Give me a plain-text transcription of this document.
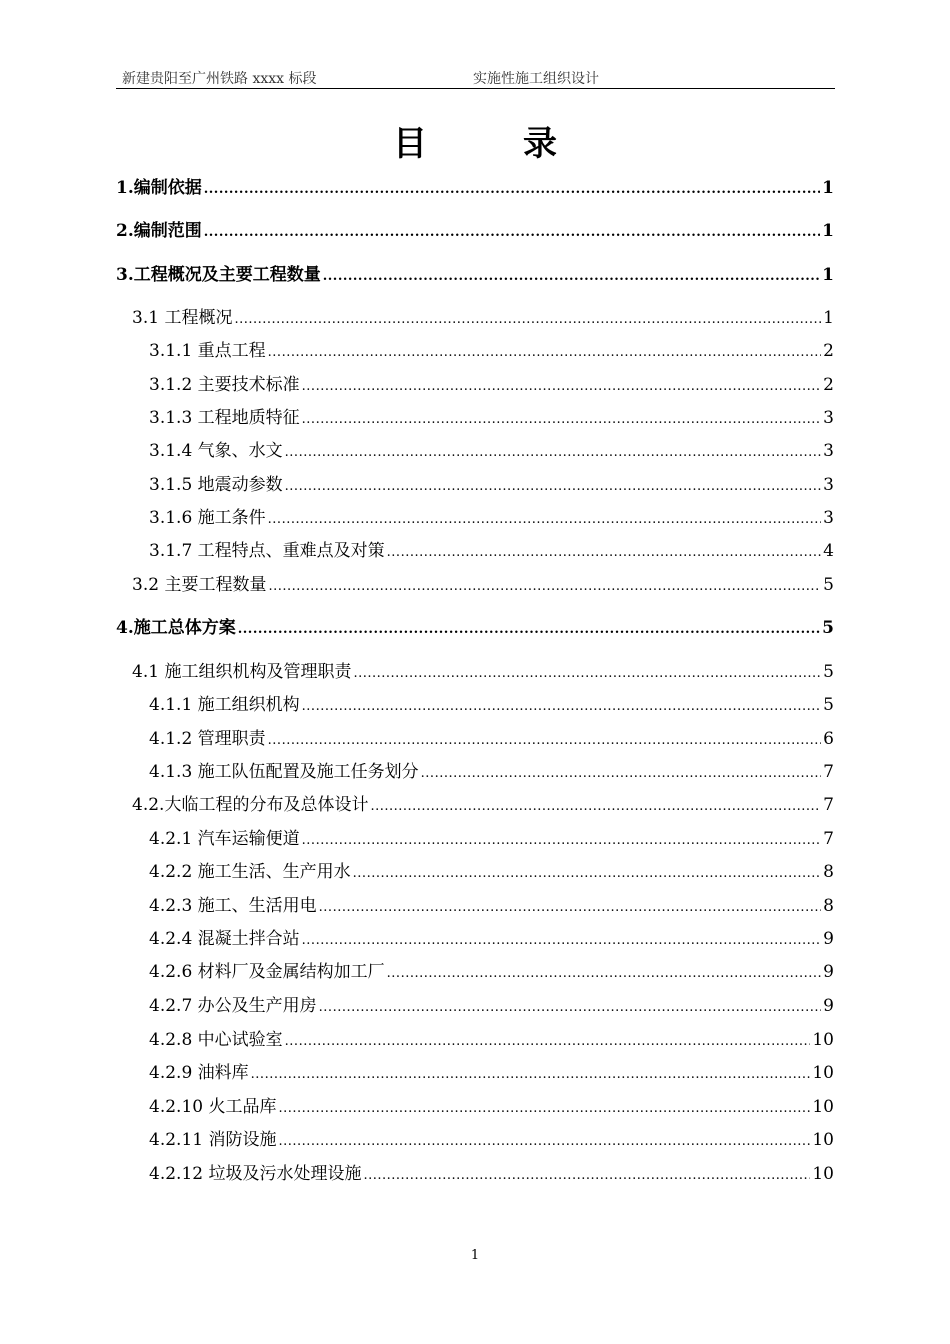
新建贵阳至广州铁路 xxxx 标段	实施性施工组织设计
目录
1.编制依据 .....	1
2.编制范围 .....	1
3.工程概况及主要工程数量 .....	1
3.1 工程概况 .....	1
3.1.1 重点工程 .....	2
3.1.2 主要技术标准 .....	2
3.1.3 工程地质特征 .....	3
3.1.4 气象、水文 .....	3
3.1.5 地震动参数 .....	3
3.1.6 施工条件 .....	3
3.1.7 工程特点、重难点及对策 .....	4
3.2 主要工程数量 .....	5
4.施工总体方案 .....	5
4.1 施工组织机构及管理职责 .....	5
4.1.1 施工组织机构 .....	5
4.1.2 管理职责 .....	6
4.1.3 施工队伍配置及施工任务划分 .....	7
4.2.大临工程的分布及总体设计 .....	7
4.2.1 汽车运输便道 .....	7
4.2.2 施工生活、生产用水 .....	8
4.2.3 施工、生活用电 .....	8
4.2.4 混凝土拌合站 .....	9
4.2.6 材料厂及金属结构加工厂 .....	9
4.2.7 办公及生产用房 .....	9
4.2.8 中心试验室 .....	10
4.2.9 油料库 .....	10
4.2.10 火工品库 .....	10
4.2.11 消防设施 .....	10
4.2.12 垃圾及污水处理设施 .....	10
1
